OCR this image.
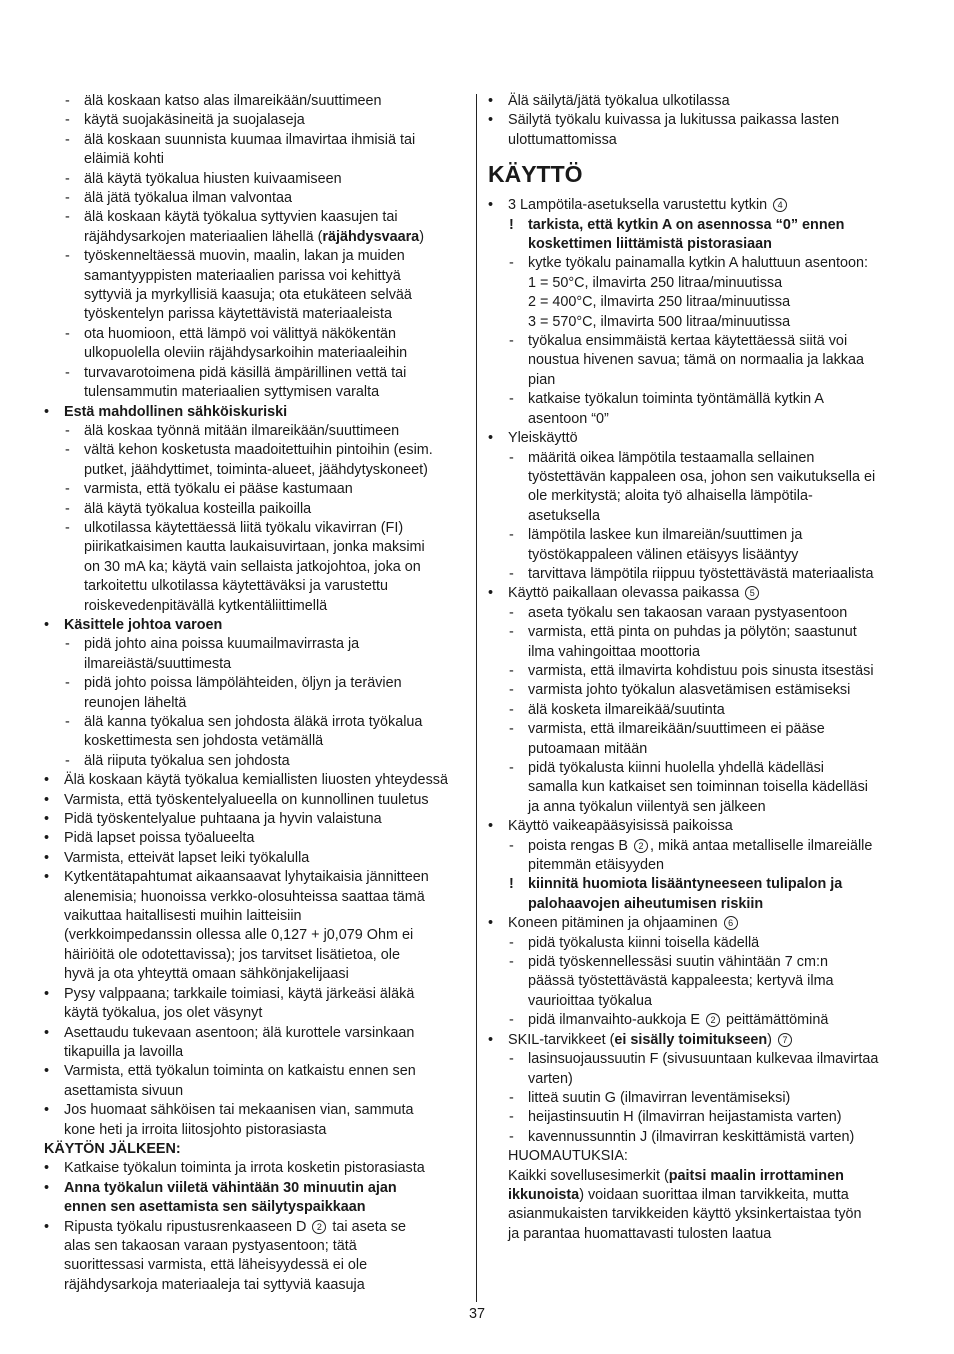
- älä koskaan katso alas ilmareikään/suuttimeen
- käytä suojakäsineitä ja suojalaseja
- älä koskaan suunnista kuumaa ilmavirtaa ihmisiä tai
eläimiä kohti
- älä käytä työkalua hiusten kuivaamiseen
- älä jätä työkalua ilman valvontaa
- älä koskaan käytä työkalua syttyvien kaasujen tai
räjähdysarkojen materiaalien lähellä (räjähdysvaara)
- työskenneltäessä muovin, maalin, lakan ja muiden
samantyyppisten materiaalien parissa voi kehittyä
syttyviä ja myrkyllisiä kaasuja; ota etukäteen selvää
työskentelyn parissa käytettävistä materiaaleista
- ota huomioon, että lämpö voi välittyä näkökentän
ulkopuolella oleviin räjähdysarkoihin materiaaleihin
- turvavarotoimena pidä käsillä ämpärillinen vettä tai
tulensammutin materiaalien syttymisen varalta
• Estä mahdollinen sähköiskuriski
- älä koskaa työnnä mitään ilmareikään/suuttimeen
- vältä kehon kosketusta maadoitettuihin pintoihin (esim.
putket, jäähdyttimet, toiminta-alueet, jäähdytyskoneet)
- varmista, että työkalu ei pääse kastumaan
- älä käytä työkalua kosteilla paikoilla
- ulkotilassa käytettäessä liitä työkalu vikavirran (FI)
piirikatkaisimen kautta laukaisuvirtaan, jonka maksimi
on 30 mA ka; käytä vain sellaista jatkojohtoa, joka on
tarkoitettu ulkotilassa käytettäväksi ja varustettu
roiskevedenpitävällä kytkentäliittimellä
• Käsittele johtoa varoen
- pidä johto aina poissa kuumailmavirrasta ja
ilmareiästä/suuttimesta
- pidä johto poissa lämpölähteiden, öljyn ja terävien
reunojen läheltä
- älä kanna työkalua sen johdosta äläkä irrota työkalua
koskettimesta sen johdosta vetämällä
- älä riiputa työkalua sen johdosta
• Älä koskaan käytä työkalua kemiallisten liuosten yhteydessä
• Varmista, että työskentelyalueella on kunnollinen tuuletus
• Pidä työskentelyalue puhtaana ja hyvin valaistuna
• Pidä lapset poissa työalueelta
• Varmista, etteivät lapset leiki työkalulla
• Kytkentätapahtumat aikaansaavat lyhytaikaisia jännitteen
alenemisia; huonoissa verkko-olosuhteissa saattaa tämä
vaikuttaa haitallisesti muihin laitteisiin
(verkkoimpedanssin ollessa alle 0,127 + j0,079 Ohm ei
häiriöitä ole odotettavissa); jos tarvitset lisätietoa, ole
hyvä ja ota yhteyttä omaan sähkönjakelijaasi
• Pysy valppaana; tarkkaile toimiasi, käytä järkeäsi äläkä
käytä työkalua, jos olet väsynyt
• Asettaudu tukevaan asentoon; älä kurottele varsinkaan
tikapuilla ja lavoilla
• Varmista, että työkalun toiminta on katkaistu ennen sen
asettamista sivuun
• Jos huomaat sähköisen tai mekaanisen vian, sammuta
kone heti ja irroita liitosjohto pistorasiasta
KÄYTÖN JÄLKEEN:
• Katkaise työkalun toiminta ja irrota kosketin pistorasiasta
• Anna työkalun viiletä vähintään 30 minuutin ajan
ennen sen asettamista sen säilytyspaikkaan
• Ripusta työkalu ripustusrenkaaseen D 2 tai aseta se
alas sen takaosan varaan pystyasentoon; tätä
suorittessasi varmista, että läheisyydessä ei ole
räjähdysarkoja materiaaleja tai syttyviä kaasuja
• Älä säilytä/jätä työkalua ulkotilassa
• Säilytä työkalu kuivassa ja lukitussa paikassa lasten
ulottumattomissa
KÄYTTÖ
• 3 Lampötila-asetuksella varustettu kytkin 4
! tarkista, että kytkin A on asennossa “0” ennen
koskettimen liittämistä pistorasiaan
- kytke työkalu painamalla kytkin A haluttuun asentoon:
1 = 50°C, ilmavirta 250 litraa/minuutissa
2 = 400°C, ilmavirta 250 litraa/minuutissa
3 = 570°C, ilmavirta 500 litraa/minuutissa
- työkalua ensimmäistä kertaa käytettäessä siitä voi
noustua hivenen savua; tämä on normaalia ja lakkaa
pian
- katkaise työkalun toiminta työntämällä kytkin A
asentoon “0”
• Yleiskäyttö
- määritä oikea lämpötila testaamalla sellainen
työstettävän kappaleen osa, johon sen vaikutuksella ei
ole merkitystä; aloita työ alhaisella lämpötila-
asetuksella
- lämpötila laskee kun ilmareiän/suuttimen ja
työstökappaleen välinen etäisyys lisääntyy
- tarvittava lämpötila riippuu työstettävästä materiaalista
• Käyttö paikallaan olevassa paikassa 5
- aseta työkalu sen takaosan varaan pystyasentoon
- varmista, että pinta on puhdas ja pölytön; saastunut
ilma vahingoittaa moottoria
- varmista, että ilmavirta kohdistuu pois sinusta itsestäsi
- varmista johto työkalun alasvetämisen estämiseksi
- älä kosketa ilmareikää/suutinta
- varmista, että ilmareikään/suuttimeen ei pääse
putoamaan mitään
- pidä työkalusta kiinni huolella yhdellä kädelläsi
samalla kun katkaiset sen toiminnan toisella kädelläsi
ja anna työkalun viilentyä sen jälkeen
• Käyttö vaikeapääsyisissä paikoissa
- poista rengas B 2 , mikä antaa metalliselle ilmareiälle
pitemmän etäisyyden
! kiinnitä huomiota lisääntyneeseen tulipalon ja
palohaavojen aiheutumisen riskiin
• Koneen pitäminen ja ohjaaminen 6
- pidä työkalusta kiinni toisella kädellä
- pidä työskennellessäsi suutin vähintään 7 cm:n
päässä työstettävästä kappaleesta; kertyvä ilma
vaurioittaa työkalua
- pidä ilmanvaihto-aukkoja E 2 peittämättöminä
• SKIL-tarvikkeet (ei sisälly toimitukseen) 7
- lasinsuojaussuutin F (sivusuuntaan kulkevaa ilmavirtaa
varten)
- litteä suutin G (ilmavirran leventämiseksi)
- heijastinsuutin H (ilmavirran heijastamista varten)
- kavennussunntin J (ilmavirran keskittämistä varten)
HUOMAUTUKSIA:
Kaikki sovellusesimerkit (paitsi maalin irrottaminen
ikkunoista) voidaan suorittaa ilman tarvikkeita, mutta
asianmukaisten tarvikkeiden käyttö yksinkertaistaa työn
ja parantaa huomattavasti tulosten laatua
37
